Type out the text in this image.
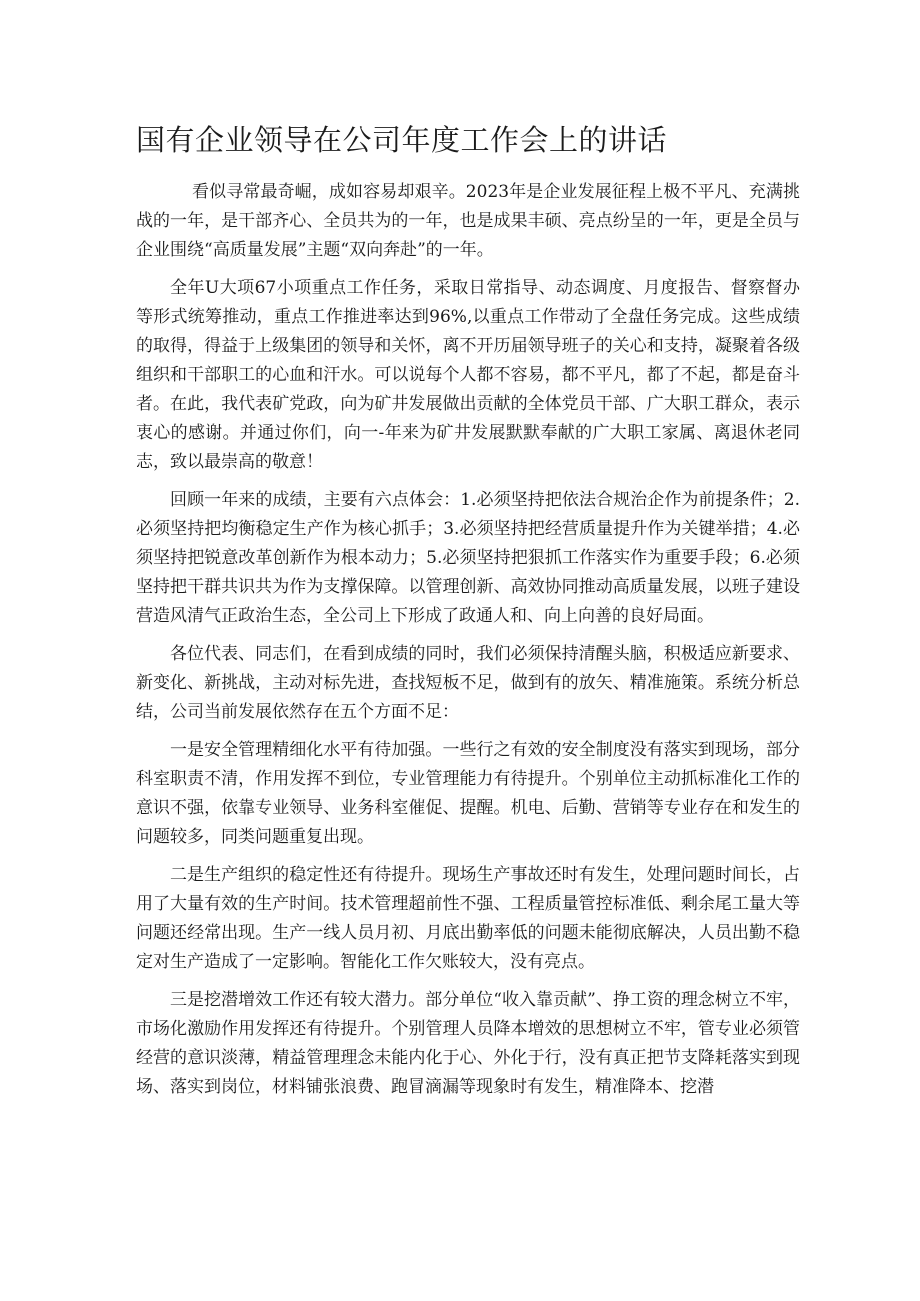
国有企业领导在公司年度工作会上的讲话

看似寻常最奇崛，成如容易却艰辛。2023年是企业发展征程上极不平凡、充满挑战的一年，是干部齐心、全员共为的一年，也是成果丰硕、亮点纷呈的一年，更是全员与企业围绕“高质量发展”主题“双向奔赴”的一年。

全年U大项67小项重点工作任务，采取日常指导、动态调度、月度报告、督察督办等形式统筹推动，重点工作推进率达到96%,以重点工作带动了全盘任务完成。这些成绩的取得，得益于上级集团的领导和关怀，离不开历届领导班子的关心和支持，凝聚着各级组织和干部职工的心血和汗水。可以说每个人都不容易，都不平凡，都了不起，都是奋斗者。在此，我代表矿党政，向为矿井发展做出贡献的全体党员干部、广大职工群众，表示衷心的感谢。并通过你们，向一-年来为矿井发展默默奉献的广大职工家属、离退休老同志，致以最崇高的敬意！

回顾一年来的成绩，主要有六点体会：1.必须坚持把依法合规治企作为前提条件；2.必须坚持把均衡稳定生产作为核心抓手；3.必须坚持把经营质量提升作为关键举措；4.必须坚持把锐意改革创新作为根本动力；5.必须坚持把狠抓工作落实作为重要手段；6.必须坚持把干群共识共为作为支撑保障。以管理创新、高效协同推动高质量发展，以班子建设营造风清气正政治生态，全公司上下形成了政通人和、向上向善的良好局面。

各位代表、同志们，在看到成绩的同时，我们必须保持清醒头脑，积极适应新要求、新变化、新挑战，主动对标先进，查找短板不足，做到有的放矢、精准施策。系统分析总结，公司当前发展依然存在五个方面不足：

一是安全管理精细化水平有待加强。一些行之有效的安全制度没有落实到现场，部分科室职责不清，作用发挥不到位，专业管理能力有待提升。个别单位主动抓标准化工作的意识不强，依靠专业领导、业务科室催促、提醒。机电、后勤、营销等专业存在和发生的问题较多，同类问题重复出现。

二是生产组织的稳定性还有待提升。现场生产事故还时有发生，处理问题时间长，占用了大量有效的生产时间。技术管理超前性不强、工程质量管控标准低、剩余尾工量大等问题还经常出现。生产一线人员月初、月底出勤率低的问题未能彻底解决，人员出勤不稳定对生产造成了一定影响。智能化工作欠账较大，没有亮点。

三是挖潜增效工作还有较大潜力。部分单位“收入靠贡献”、挣工资的理念树立不牢，市场化激励作用发挥还有待提升。个别管理人员降本增效的思想树立不牢，管专业必须管经营的意识淡薄，精益管理理念未能内化于心、外化于行，没有真正把节支降耗落实到现场、落实到岗位，材料铺张浪费、跑冒滴漏等现象时有发生，精准降本、挖潜
